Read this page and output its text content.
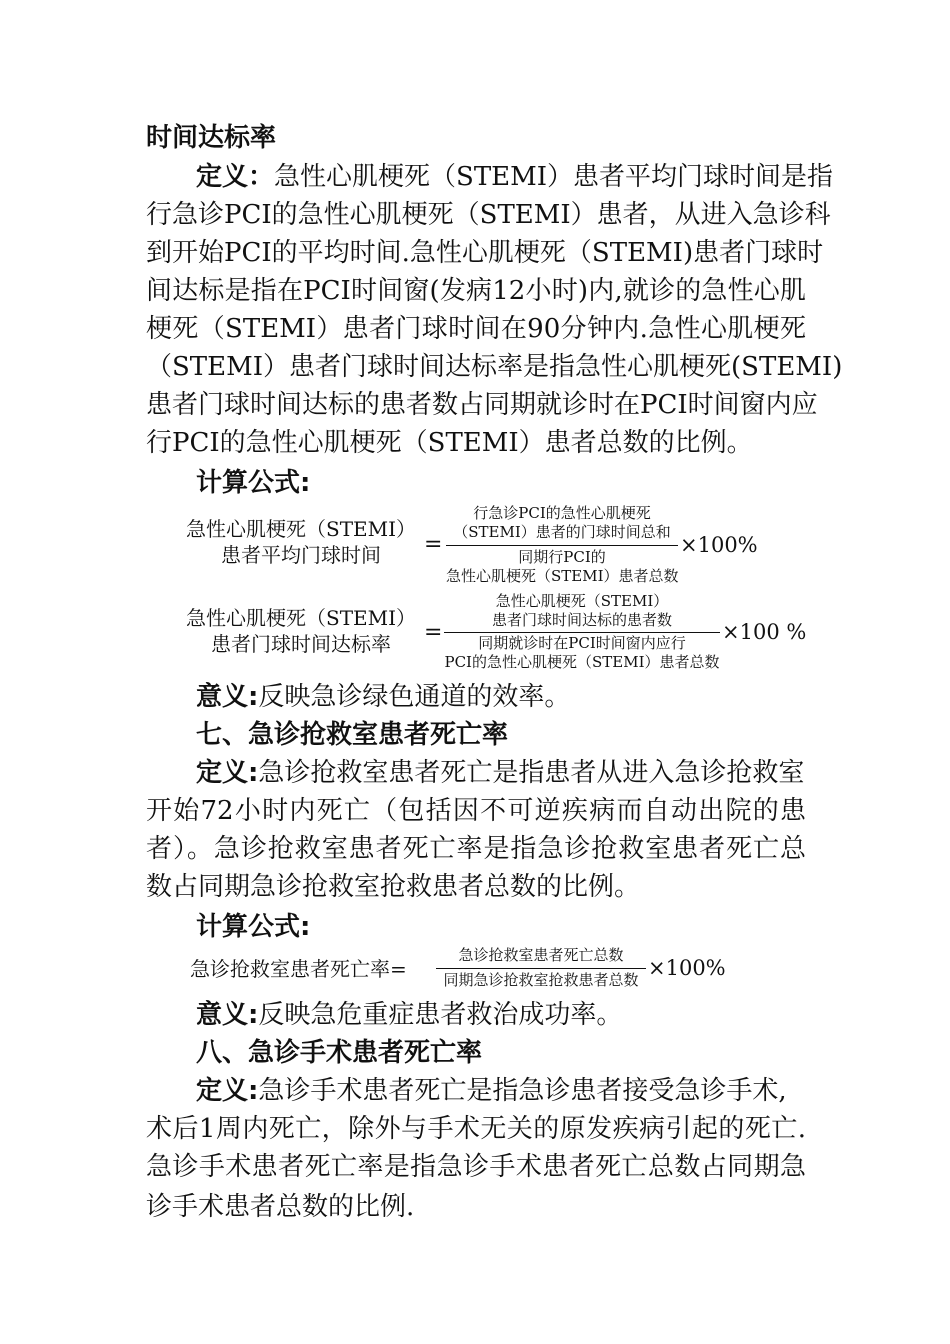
时间达标率
定义：急性心肌梗死（STEMI）患者平均门球时间是指
行急诊PCI的急性心肌梗死（STEMI）患者，从进入急诊科
到开始PCI的平均时间.急性心肌梗死（STEMI)患者门球时
间达标是指在PCI时间窗(发病12小时)内,就诊的急性心肌
梗死（STEMI）患者门球时间在90分钟内.急性心肌梗死
（STEMI）患者门球时间达标率是指急性心肌梗死(STEMI)
患者门球时间达标的患者数占同期就诊时在PCI时间窗内应
行PCI的急性心肌梗死（STEMI）患者总数的比例。
计算公式:
急性心肌梗死（STEMI）
患者平均门球时间	=
行急诊PCI的急性心肌梗死
（STEMI）患者的门球时间总和
同期行PCI的
急性心肌梗死（STEMI）患者总数
×100%
急性心肌梗死（STEMI）
患者门球时间达标率	=
急性心肌梗死（STEMI）
患者门球时间达标的患者数
同期就诊时在PCI时间窗内应行
PCI的急性心肌梗死（STEMI）患者总数
×100 %
意义:反映急诊绿色通道的效率。
七、急诊抢救室患者死亡率
定义:急诊抢救室患者死亡是指患者从进入急诊抢救室
开始72小时内死亡（包括因不可逆疾病而自动出院的患
者）。急诊抢救室患者死亡率是指急诊抢救室患者死亡总
数占同期急诊抢救室抢救患者总数的比例。
计算公式:
急诊抢救室患者死亡率=
急诊抢救室患者死亡总数
同期急诊抢救室抢救患者总数 ×100%
意义:反映急危重症患者救治成功率。
八、急诊手术患者死亡率
定义:急诊手术患者死亡是指急诊患者接受急诊手术,
术后1周内死亡，除外与手术无关的原发疾病引起的死亡.
急诊手术患者死亡率是指急诊手术患者死亡总数占同期急
诊手术患者总数的比例.
